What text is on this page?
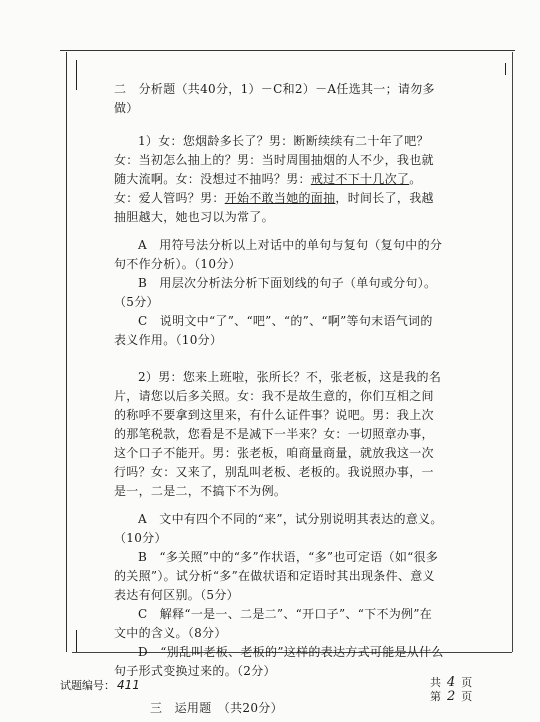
二　分析题（共40分，1）－C和2）－A任选其一；请勿多做）

1）女：您烟龄多长了？男：断断续续有二十年了吧？女：当初怎么抽上的？男：当时周围抽烟的人不少，我也就随大流啊。女：没想过不抽吗？男：戒过不下十几次了。女：爱人管吗？男：开始不敢当她的面抽，时间长了，我越抽胆越大，她也习以为常了。

A　用符号法分析以上对话中的单句与复句（复句中的分句不作分析）。（10分）

B　用层次分析法分析下面划线的句子（单句或分句）。（5分）

C　说明文中“了”、“吧”、“的”、“啊”等句末语气词的表义作用。（10分）

2）男：您来上班啦，张所长？不，张老板，这是我的名片，请您以后多关照。女：我不是故生意的，你们互相之间的称呼不要拿到这里来，有什么证件事？说吧。男：我上次的那笔税款，您看是不是减下一半来？女：一切照章办事，这个口子不能开。男：张老板，咱商量商量，就放我这一次行吗？女：又来了，别乱叫老板、老板的。我说照办事，一是一，二是二，不搞下不为例。

A　文中有四个不同的“来”，试分别说明其表达的意义。（10分）

B　“多关照”中的“多”作状语，“多”也可定语（如“很多的关照”）。试分析“多”在做状语和定语时其出现条件、意义表达有何区别。（5分）

C　解释“一是一、二是二”、“开口子”、“下不为例”在文中的含义。（8分）

D　“别乱叫老板、老板的”这样的表达方式可能是从什么句子形式变换过来的。（2分）

三　运用题　（共20分）

试题编号： 411	共 4 页
第 2 页
